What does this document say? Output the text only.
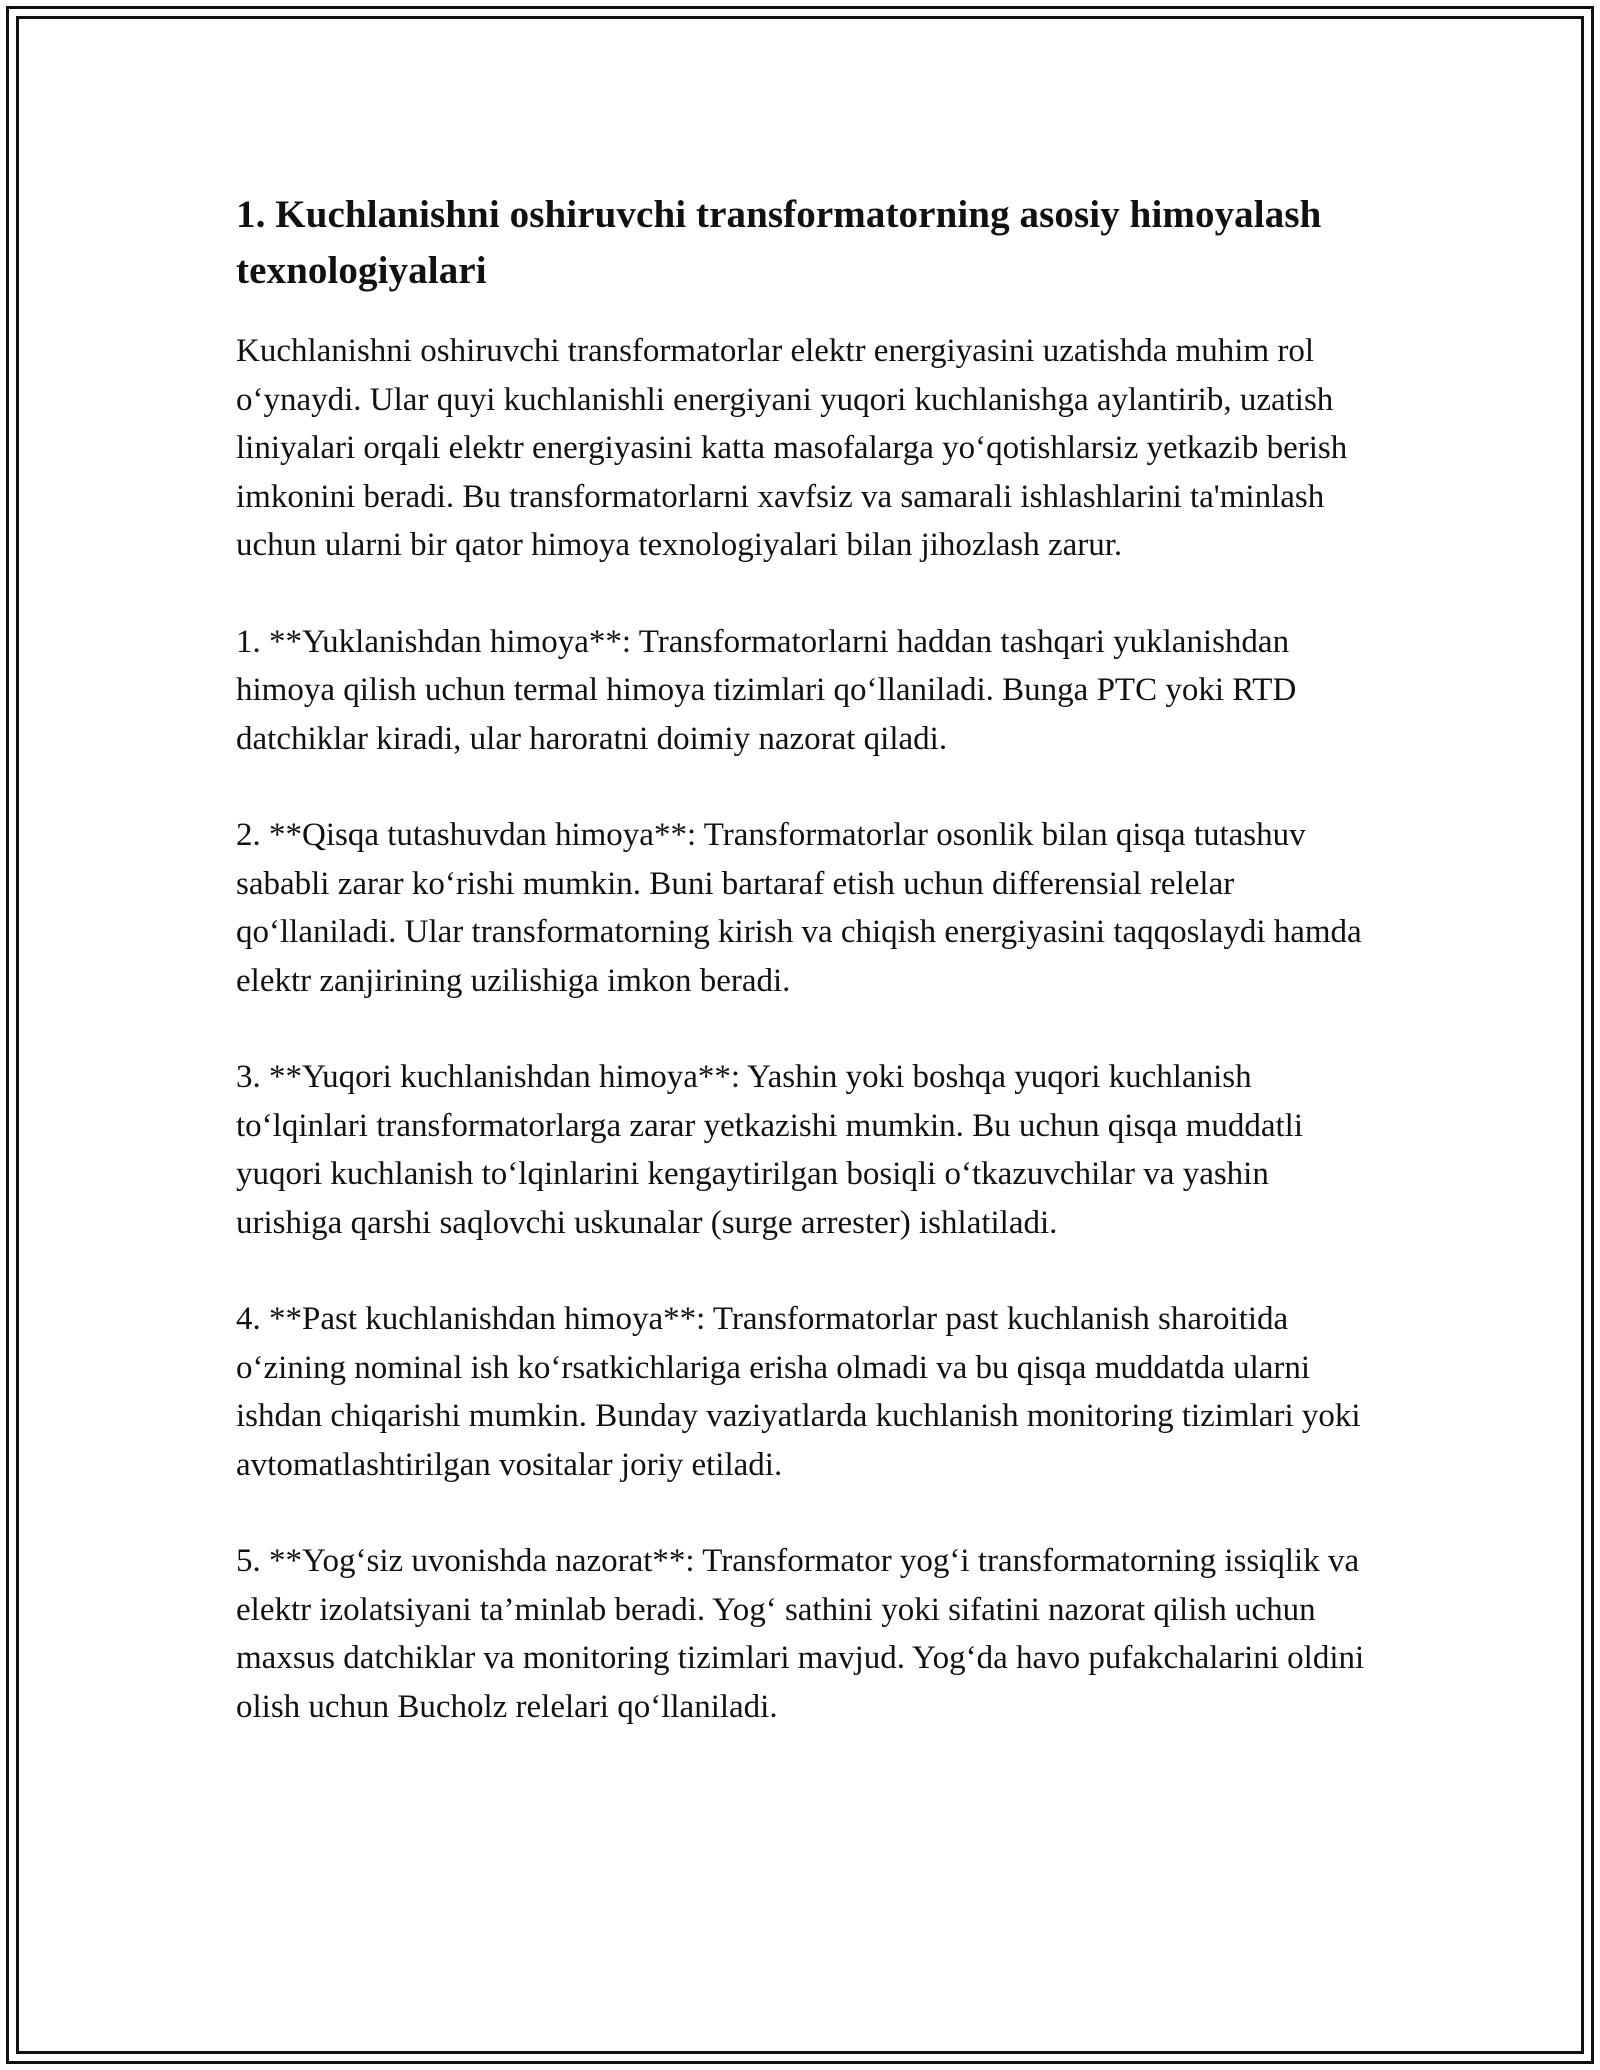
1. Kuchlanishni oshiruvchi transformatorning asosiy himoyalash texnologiyalari

Kuchlanishni oshiruvchi transformatorlar elektr energiyasini uzatishda muhim rol o‘ynaydi. Ular quyi kuchlanishli energiyani yuqori kuchlanishga aylantirib, uzatish liniyalari orqali elektr energiyasini katta masofalarga yo‘qotishlarsiz yetkazib berish imkonini beradi. Bu transformatorlarni xavfsiz va samarali ishlashlarini ta'minlash uchun ularni bir qator himoya texnologiyalari bilan jihozlash zarur.

1. **Yuklanishdan himoya**: Transformatorlarni haddan tashqari yuklanishdan himoya qilish uchun termal himoya tizimlari qo‘llaniladi. Bunga PTC yoki RTD datchiklar kiradi, ular haroratni doimiy nazorat qiladi.

2. **Qisqa tutashuvdan himoya**: Transformatorlar osonlik bilan qisqa tutashuv sababli zarar ko‘rishi mumkin. Buni bartaraf etish uchun differensial relelar qo‘llaniladi. Ular transformatorning kirish va chiqish energiyasini taqqoslaydi hamda elektr zanjirining uzilishiga imkon beradi.

3. **Yuqori kuchlanishdan himoya**: Yashin yoki boshqa yuqori kuchlanish to‘lqinlari transformatorlarga zarar yetkazishi mumkin. Bu uchun qisqa muddatli yuqori kuchlanish to‘lqinlarini kengaytirilgan bosiqli o‘tkazuvchilar va yashin urishiga qarshi saqlovchi uskunalar (surge arrester) ishlatiladi.

4. **Past kuchlanishdan himoya**: Transformatorlar past kuchlanish sharoitida o‘zining nominal ish ko‘rsatkichlariga erisha olmadi va bu qisqa muddatda ularni ishdan chiqarishi mumkin. Bunday vaziyatlarda kuchlanish monitoring tizimlari yoki avtomatlashtirilgan vositalar joriy etiladi.

5. **Yog‘siz uvonishda nazorat**: Transformator yog‘i transformatorning issiqlik va elektr izolatsiyani ta’minlab beradi. Yog‘ sathini yoki sifatini nazorat qilish uchun maxsus datchiklar va monitoring tizimlari mavjud. Yog‘da havo pufakchalarini oldini olish uchun Bucholz relelari qo‘llaniladi.
